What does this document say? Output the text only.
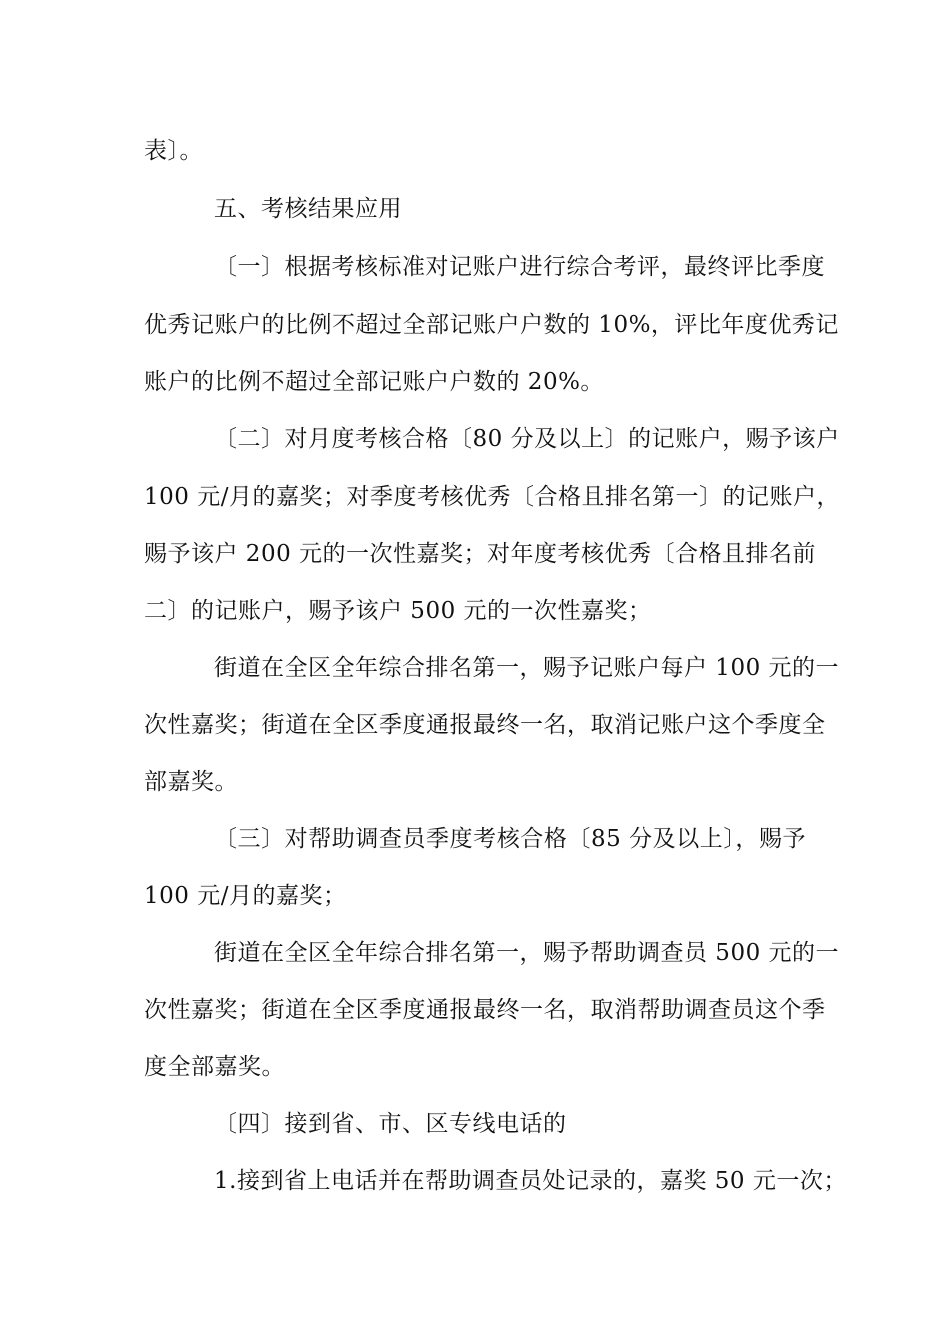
表〕。
五、考核结果应用
〔一〕根据考核标准对记账户进行综合考评，最终评比季度
优秀记账户的比例不超过全部记账户户数的 10%，评比年度优秀记
账户的比例不超过全部记账户户数的 20%。
〔二〕对月度考核合格〔80 分及以上〕的记账户，赐予该户
100 元/月的嘉奖；对季度考核优秀〔合格且排名第一〕的记账户，
赐予该户 200 元的一次性嘉奖；对年度考核优秀〔合格且排名前
二〕的记账户，赐予该户 500 元的一次性嘉奖；
街道在全区全年综合排名第一，赐予记账户每户 100 元的一
次性嘉奖；街道在全区季度通报最终一名，取消记账户这个季度全
部嘉奖。
〔三〕对帮助调查员季度考核合格〔85 分及以上〕，赐予
100 元/月的嘉奖；
街道在全区全年综合排名第一，赐予帮助调查员 500 元的一
次性嘉奖；街道在全区季度通报最终一名，取消帮助调查员这个季
度全部嘉奖。
〔四〕接到省、市、区专线电话的
1.接到省上电话并在帮助调查员处记录的，嘉奖 50 元一次；
